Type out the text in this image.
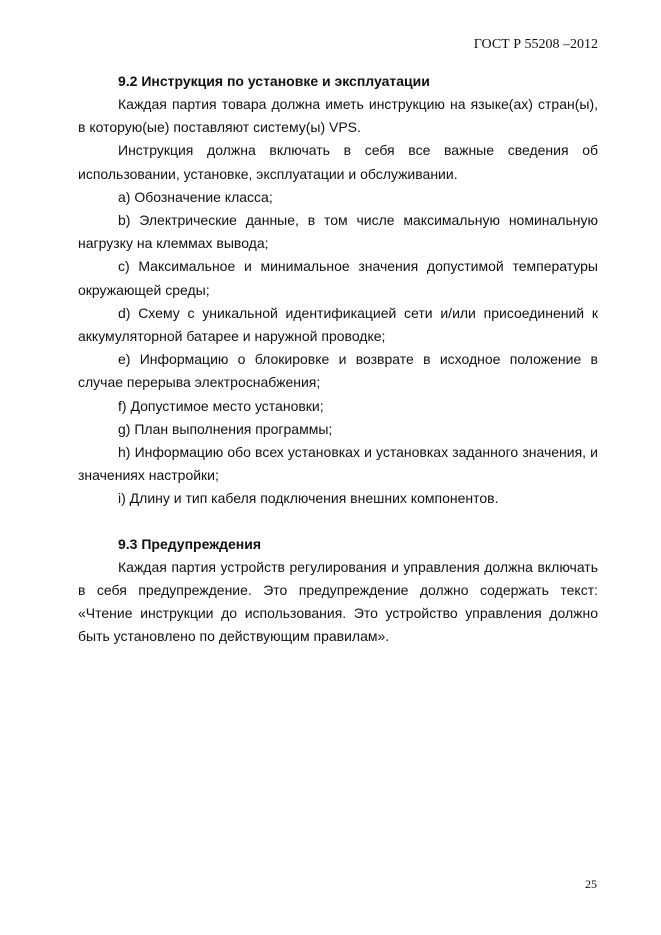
ГОСТ Р 55208 –2012
9.2 Инструкция по установке и эксплуатации

Каждая партия товара должна иметь инструкцию на языке(ах) стран(ы), в которую(ые) поставляют систему(ы) VPS.

Инструкция должна включать в себя все важные сведения об использовании, установке, эксплуатации и обслуживании.

а) Обозначение класса;

b) Электрические данные, в том числе максимальную номинальную нагрузку на клеммах вывода;

c) Максимальное и минимальное значения допустимой температуры окружающей среды;

d) Схему с уникальной идентификацией сети и/или присоединений к аккумуляторной батарее и наружной проводке;

e) Информацию о блокировке и возврате в исходное положение в случае перерыва электроснабжения;

f) Допустимое место установки;

g) План выполнения программы;

h) Информацию обо всех установках и установках заданного значения, и значениях настройки;

i) Длину и тип кабеля подключения внешних компонентов.

9.3 Предупреждения

Каждая партия устройств регулирования и управления должна включать в себя предупреждение. Это предупреждение должно содержать текст: «Чтение инструкции до использования. Это устройство управления должно быть установлено по действующим правилам».

25
